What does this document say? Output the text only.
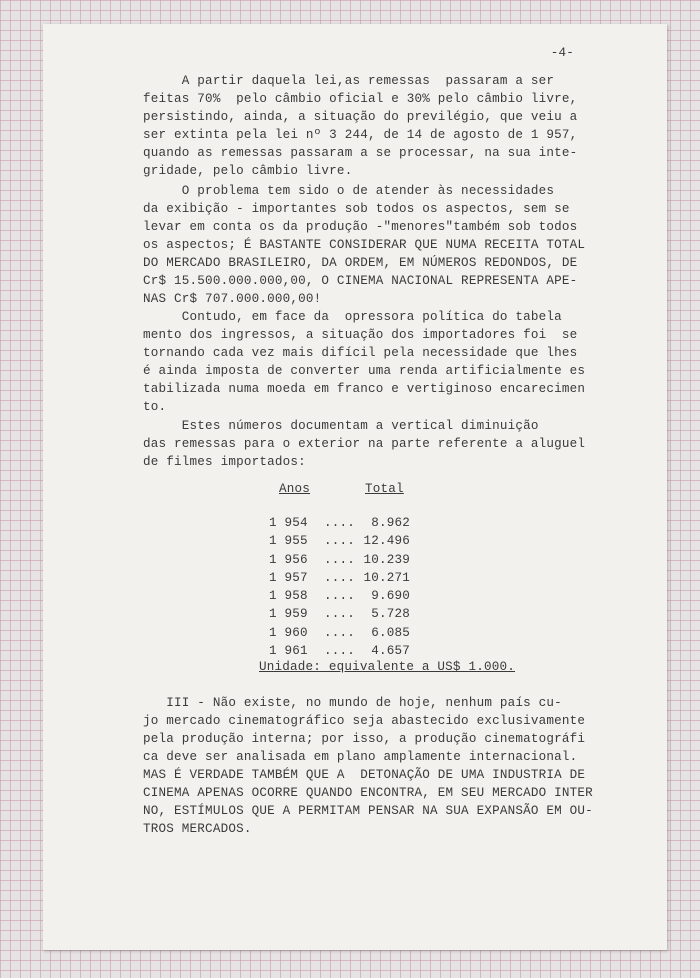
-4-
A partir daquela lei,as remessas  passaram a ser
feitas 70%  pelo câmbio oficial e 30% pelo câmbio livre,
persistindo, ainda, a situação do previlégio, que veiu a
ser extinta pela lei nº 3 244, de 14 de agosto de 1 957,
quando as remessas passaram a se processar, na sua inte-
gridade, pelo câmbio livre.
O problema tem sido o de atender às necessidades
da exibição - importantes sob todos os aspectos, sem se
levar em conta os da produção -"menores"também sob todos
os aspectos; É BASTANTE CONSIDERAR QUE NUMA RECEITA TOTAL
DO MERCADO BRASILEIRO, DA ORDEM, EM NÚMEROS REDONDOS, DE
Cr$ 15.500.000.000,00, O CINEMA NACIONAL REPRESENTA APE-
NAS Cr$ 707.000.000,00!
Contudo, em face da  opressora política do tabela
mento dos ingressos, a situação dos importadores foi  se
tornando cada vez mais difícil pela necessidade que lhes
é ainda imposta de converter uma renda artificialmente es
tabilizada numa moeda em franco e vertiginoso encarecimen
to.
Estes números documentam a vertical diminuição
das remessas para o exterior na parte referente a aluguel
de filmes importados:
Anos	Total
1 954 .... 8.962
1 955 .... 12.496
1 956 .... 10.239
1 957 .... 10.271
1 958 .... 9.690
1 959 .... 5.728
1 960 .... 6.085
1 961 .... 4.657
Unidade: equivalente a US$ 1.000.
III - Não existe, no mundo de hoje, nenhum país cu-
jo mercado cinematográfico seja abastecido exclusivamente
pela produção interna; por isso, a produção cinematográfi
ca deve ser analisada em plano amplamente internacional.
MAS É VERDADE TAMBÉM QUE A  DETONAÇÃO DE UMA INDUSTRIA DE
CINEMA APENAS OCORRE QUANDO ENCONTRA, EM SEU MERCADO INTER
NO, ESTÍMULOS QUE A PERMITAM PENSAR NA SUA EXPANSÃO EM OU-
TROS MERCADOS.
